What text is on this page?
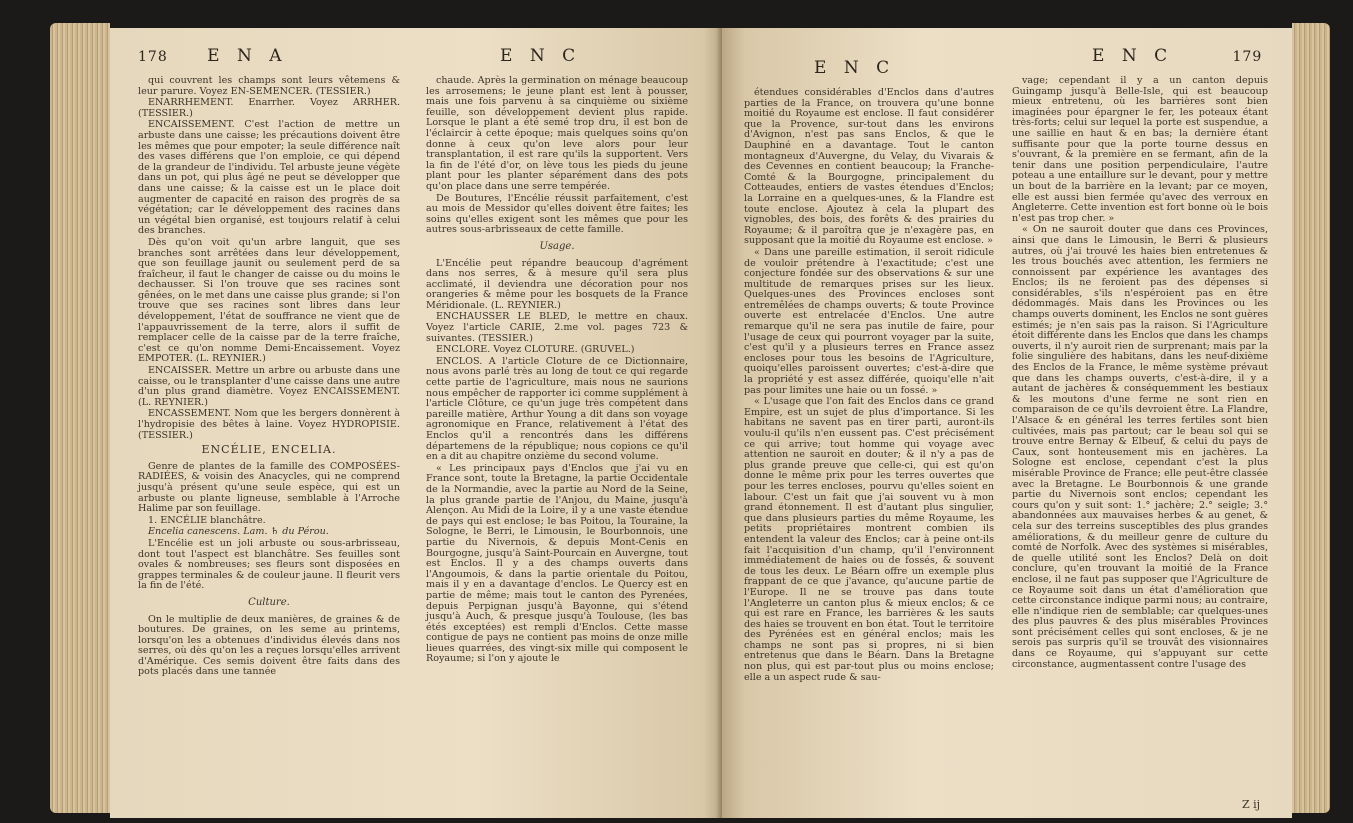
178 E N A	E N C

qui couvrent les champs sont leurs vêtemens & leur parure. Voyez EN-SEMENCER. (TESSIER.)

ENARRHEMENT. Enarrher. Voyez ARRHER. (TESSIER.)

ENCAISSEMENT. C'est l'action de mettre un arbuste dans une caisse; les précautions doivent être les mêmes que pour empoter; la seule différence naît des vases différens que l'on emploie, ce qui dépend de la grandeur de l'individu. Tel arbuste jeune végète dans un pot, qui plus âgé ne peut se développer que dans une caisse; & la caisse est un le place doit augmenter de capacité en raison des progrès de sa végétation; car le développement des racines dans un végétal bien organisé, est toujours relatif à celui des branches.

Dès qu'on voit qu'un arbre languit, que ses branches sont arrêtées dans leur développement, que son feuillage jaunit ou seulement perd de sa fraîcheur, il faut le changer de caisse ou du moins le dechausser. Si l'on trouve que ses racines sont gênées, on le met dans une caisse plus grande; si l'on trouve que ses racines sont libres dans leur développement, l'état de souffrance ne vient que de l'appauvrissement de la terre, alors il suffit de remplacer celle de la caisse par de la terre fraîche, c'est ce qu'on nomme Demi-Encaissement. Voyez EMPOTER. (L. REYNIER.)

ENCAISSER. Mettre un arbre ou arbuste dans une caisse, ou le transplanter d'une caisse dans une autre d'un plus grand diamètre. Voyez ENCAISSEMENT. (L. REYNIER.)

ENCASSEMENT. Nom que les bergers donnèrent à l'hydropisie des bêtes à laine. Voyez HYDROPISIE. (TESSIER.)

ENCÉLIE, ENCELIA.

Genre de plantes de la famille des COMPOSÉES-RADIÉES, & voisin des Anacycles, qui ne comprend jusqu'à présent qu'une seule espèce, qui est un arbuste ou plante ligneuse, semblable à l'Arroche Halime par son feuillage.

1. ENCÉLIE blanchâtre.

Encelia canescens. Lam. ♄ du Pérou.

L'Encélie est un joli arbuste ou sous-arbrisseau, dont tout l'aspect est blanchâtre. Ses feuilles sont ovales & nombreuses; ses fleurs sont disposées en grappes terminales & de couleur jaune. Il fleurit vers la fin de l'été.

Culture.

On le multiplie de deux manières, de graines & de boutures. De graines, on les seme au printems, lorsqu'on les a obtenues d'individus élevés dans nos serres, où dès qu'on les a reçues lorsqu'elles arrivent d'Amérique. Ces semis doivent être faits dans des pots placés dans une tannée

chaude. Après la germination on ménage beaucoup les arrosemens; le jeune plant est lent à pousser, mais une fois parvenu à sa cinquième ou sixième feuille, son développement devient plus rapide. Lorsque le plant a été semé trop dru, il est bon de l'éclaircir à cette époque; mais quelques soins qu'on donne à ceux qu'on leve alors pour leur transplantation, il est rare qu'ils la supportent. Vers la fin de l'été d'or, on lève tous les pieds du jeune plant pour les planter séparément dans des pots qu'on place dans une serre tempérée.

De Boutures, l'Encélie réussit parfaitement, c'est au mois de Messidor qu'elles doivent être faites; les soins qu'elles exigent sont les mêmes que pour les autres sous-arbrisseaux de cette famille.

Usage.

L'Encélie peut répandre beaucoup d'agrément dans nos serres, & à mesure qu'il sera plus acclimaté, il deviendra une décoration pour nos orangeries & même pour les bosquets de la France Méridionale. (L. REYNIER.)

ENCHAUSSER LE BLED, le mettre en chaux. Voyez l'article CARIE, 2.me vol. pages 723 & suivantes. (TESSIER.)

ENCLORE. Voyez CLOTURE. (GRUVEL.)

ENCLOS. A l'article Cloture de ce Dictionnaire, nous avons parlé très au long de tout ce qui regarde cette partie de l'agriculture, mais nous ne saurions nous empêcher de rapporter ici comme supplément à l'article Clôture, ce qu'un juge très compétent dans pareille matière, Arthur Young a dit dans son voyage agronomique en France, relativement à l'état des Enclos qu'il a rencontrés dans les différens départemens de la république; nous copions ce qu'il en a dit au chapitre onzième du second volume.

« Les principaux pays d'Enclos que j'ai vu en France sont, toute la Bretagne, la partie Occidentale de la Normandie, avec la partie au Nord de la Seine, la plus grande partie de l'Anjou, du Maine, jusqu'à Alençon. Au Midi de la Loire, il y a une vaste étendue de pays qui est enclose; le bas Poitou, la Touraine, la Sologne, le Berri, le Limousin, le Bourbonnois, une partie du Nivernois, & depuis Mont-Cenis en Bourgogne, jusqu'à Saint-Pourcain en Auvergne, tout est Enclos. Il y a des champs ouverts dans l'Angoumois, & dans la partie orientale du Poitou, mais il y en a davantage d'enclos. Le Quercy est en partie de même; mais tout le canton des Pyrenées, depuis Perpignan jusqu'à Bayonne, qui s'étend jusqu'à Auch, & presque jusqu'à Toulouse, (les bas étés exceptées) est rempli d'Enclos. Cette masse contigue de pays ne contient pas moins de onze mille lieues quarrées, des vingt-six mille qui composent le Royaume; si l'on y ajoute le

E N C
E N C	179

étendues considérables d'Enclos dans d'autres parties de la France, on trouvera qu'une bonne moitié du Royaume est enclose. Il faut considérer que la Provence, sur-tout dans les environs d'Avignon, n'est pas sans Enclos, & que le Dauphiné en a davantage. Tout le canton montagneux d'Auvergne, du Velay, du Vivarais & des Cevennes en contient beaucoup; la Franche-Comté & la Bourgogne, principalement du Cotteaudes, entiers de vastes étendues d'Enclos; la Lorraine en a quelques-unes, & la Flandre est toute enclose. Ajoutez à cela la plupart des vignobles, des bois, des forêts & des prairies du Royaume; & il paroîtra que je n'exagère pas, en supposant que la moitié du Royaume est enclose. »

« Dans une pareille estimation, il seroit ridicule de vouloir prétendre à l'exactitude; c'est une conjecture fondée sur des observations & sur une multitude de remarques prises sur les lieux. Quelques-unes des Provinces encloses sont entremêlées de champs ouverts; & toute Province ouverte est entrelacée d'Enclos. Une autre remarque qu'il ne sera pas inutile de faire, pour l'usage de ceux qui pourront voyager par la suite, c'est qu'il y a plusieurs terres en France assez encloses pour tous les besoins de l'Agriculture, quoiqu'elles paroissent ouvertes; c'est-à-dire que la propriété y est assez différée, quoiqu'elle n'ait pas pour limites une haie ou un fossé. »

« L'usage que l'on fait des Enclos dans ce grand Empire, est un sujet de plus d'importance. Si les habitans ne savent pas en tirer parti, auront-ils voulu-il qu'ils n'en eussent pas. C'est précisément ce qui arrive; tout homme qui voyage avec attention ne sauroit en douter; & il n'y a pas de plus grande preuve que celle-ci, qui est qu'on donne le même prix pour les terres ouvertes que pour les terres encloses, pourvu qu'elles soient en labour. C'est un fait que j'ai souvent vu à mon grand étonnement. Il est d'autant plus singulier, que dans plusieurs parties du même Royaume, les petits propriétaires montrent combien ils entendent la valeur des Enclos; car à peine ont-ils fait l'acquisition d'un champ, qu'il l'environnent immédiatement de haies ou de fossés, & souvent de tous les deux. Le Béarn offre un exemple plus frappant de ce que j'avance, qu'aucune partie de l'Europe. Il ne se trouve pas dans toute l'Angleterre un canton plus & mieux enclos; & ce qui est rare en France, les barrières & les sauts des haies se trouvent en bon état. Tout le territoire des Pyrénées est en général enclos; mais les champs ne sont pas si propres, ni si bien entretenus que dans le Béarn. Dans la Bretagne non plus, qui est par-tout plus ou moins enclose; elle a un aspect rude & sau-

vage; cependant il y a un canton depuis Guingamp jusqu'à Belle-Isle, qui est beaucoup mieux entretenu, où les barrières sont bien imaginées pour épargner le fer, les poteaux étant très-forts; celui sur lequel la porte est suspendue, a une saillie en haut & en bas; la dernière étant suffisante pour que la porte tourne dessus en s'ouvrant, & la première en se fermant, afin de la tenir dans une position perpendiculaire, l'autre poteau a une entaillure sur le devant, pour y mettre un bout de la barrière en la levant; par ce moyen, elle est aussi bien fermée qu'avec des verroux en Angleterre. Cette invention est fort bonne où le bois n'est pas trop cher. »

« On ne sauroit douter que dans ces Provinces, ainsi que dans le Limousin, le Berri & plusieurs autres, où j'ai trouvé les haies bien entretenues & les trous bouchés avec attention, les fermiers ne connoissent par expérience les avantages des Enclos; ils ne feroient pas des dépenses si considérables, s'ils n'espéroient pas en être dédommagés. Mais dans les Provinces ou les champs ouverts dominent, les Enclos ne sont guères estimés; je n'en sais pas la raison. Si l'Agriculture étoit différente dans les Enclos que dans les champs ouverts, il n'y auroit rien de surprenant; mais par la folie singulière des habitans, dans les neuf-dixième des Enclos de la France, le même système prévaut que dans les champs ouverts, c'est-à-dire, il y a autant de jachères & conséquemment les bestiaux & les moutons d'une ferme ne sont rien en comparaison de ce qu'ils devroient être. La Flandre, l'Alsace & en général les terres fertiles sont bien cultivées, mais pas partout; car le beau sol qui se trouve entre Bernay & Elbeuf, & celui du pays de Caux, sont honteusement mis en jachères. La Sologne est enclose, cependant c'est la plus misérable Province de France; elle peut-être classée avec la Bretagne. Le Bourbonnois & une grande partie du Nivernois sont enclos; cependant les cours qu'on y suit sont: 1.° jachère; 2.° seigle; 3.° abandonnées aux mauvaises herbes & au genet, & cela sur des terreins susceptibles des plus grandes améliorations, & du meilleur genre de culture du comté de Norfolk. Avec des systèmes si misérables, de quelle utilité sont les Enclos? Delà on doit conclure, qu'en trouvant la moitié de la France enclose, il ne faut pas supposer que l'Agriculture de ce Royaume soit dans un état d'amélioration que cette circonstance indique parmi nous; au contraire, elle n'indique rien de semblable; car quelques-unes des plus pauvres & des plus misérables Provinces sont précisément celles qui sont encloses, & je ne serois pas surpris qu'il se trouvât des visionnaires dans ce Royaume, qui s'appuyant sur cette circonstance, augmentassent contre l'usage des

Z ij
